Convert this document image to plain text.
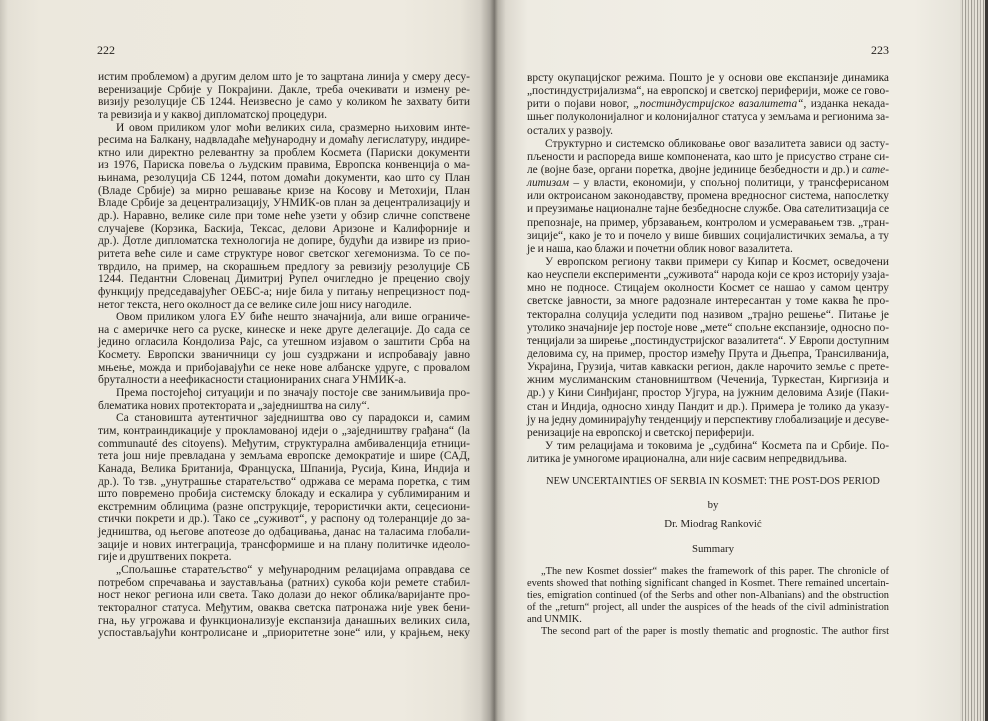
222	223
истим проблемом) а другим делом што је то зацртана линија у смеру десу-
веренизације Србије у Покрајини. Дакле, треба очекивати и измену ре-
визију резолуције СБ 1244. Неизвесно је само у коликом ће захвату бити
та ревизија и у каквој дипломатској процедури.
И овом приликом улог моћи великих сила, сразмерно њиховим инте-
ресима на Балкану, надвладаће међународну и домаћу легислатуру, индире-
ктно или директно релевантну за проблем Космета (Париски документи
из 1976, Париска повеља о људским правима, Европска конвенција о ма-
њинама, резолуција СБ 1244, потом домаћи документи, као што су План
(Владе Србије) за мирно решавање кризе на Косову и Метохији, План
Владе Србије за децентрализацију, УНМИК-ов план за децентрализацију и
др.). Наравно, велике силе при томе неће узети у обзир сличне сопствене
случајеве (Корзика, Баскија, Тексас, делови Аризоне и Калифорније и
др.). Дотле дипломатска технологија не допире, будући да извире из прио-
ритета веће силе и саме структуре новог светског хегемонизма. То се по-
тврдило, на пример, на скорашњем предлогу за ревизију резолуције СБ
1244. Педантни Словенац Димитриј Рупел очигледно је преценио своју
функцију председавајућег ОЕБС-а; није била у питању непрецизност под-
нетог текста, него околност да се велике силе још нису нагодиле.
Овом приликом улога ЕУ биће нешто значајнија, али више ограниче-
на с америчке него са руске, кинеске и неке друге делегације. До сада се
једино огласила Кондолиза Рајс, са утешном изјавом о заштити Срба на
Космету. Европски званичници су још суздржани и испробавају јавно
мњење, можда и прибојавајући се неке нове албанске удруге, с провалом
бруталности а неефикасности стационираних снага УНМИК-а.
Према постојећој ситуацији и по значају постоје све занимљивија про-
блематика нових протектората и „заједништва на силу“.
Са становишта аутентичног заједништва ово су парадокси и, самим
тим, контраиндикације у прокламованој идеји о „заједништву грађана“ (la
communauté des citoyens). Међутим, структурална амбиваленција етници-
тета још није превладана у земљама европске демократије и шире (САД,
Канада, Велика Британија, Француска, Шпанија, Русија, Кина, Индија и
др.). То тзв. „унутрашње старатељство“ одржава се мерама поретка, с тим
што повремено пробија системску блокаду и ескалира у сублимираним и
екстремним облицима (разне опструкције, терористички акти, сецесиони-
стички покрети и др.). Тако се „суживот“, у распону од толеранције до за-
једништва, од његове апотеозе до одбацивања, данас на таласима глобали-
зације и нових интеграција, трансформише и на плану политичке идеоло-
гије и друштвених покрета.
„Спољашње старатељство“ у међународним релацијама оправдава се
потребом спречавања и заустављања (ратних) сукоба који ремете стабил-
ност неког региона или света. Тако долази до неког облика/варијанте про-
текторалног статуса. Међутим, оваква светска патронажа није увек бени-
гна, њу угрожава и функционализује експанзија данашњих великих сила,
успостављајући контролисане и „приоритетне зоне“ или, у крајњем, неку
врсту окупацијског режима. Пошто је у основи ове експанзије динамика
„постиндустријализма“, на европској и светској периферији, може се гово-
рити о појави новог, „постиндустријског вазалитета“, изданка некада-
шњег полуколонијалног и колонијалног статуса у земљама и регионима за-
осталих у развоју.
Структурно и системско обликовање овог вазалитета зависи од засту-
пљености и распореда више компонената, као што је присуство стране си-
ле (војне базе, органи поретка, двојне јединице безбедности и др.) и сате-
литизам – у власти, економији, у спољној политици, у трансферисаном
или октроисаном законодавству, промена вредносног система, напослетку
и преузимање националне тајне безбедносне службе. Ова сателитизација се
препознаје, на пример, убрзавањем, контролом и усмеравањем тзв. „тран-
зиције“, како је то и почело у више бивших социјалистичких земаља, а ту
је и наша, као блажи и почетни облик новог вазалитета.
У европском региону такви примери су Кипар и Космет, осведочени
као неуспели експерименти „суживота“ народа који се кроз историју узаја-
мно не подносе. Стицајем околности Космет се нашао у самом центру
светске јавности, за многе радознале интересантан у томе каква ће про-
текторална солуција уследити под називом „трајно решење“. Питање је
утолико значајније јер постоје нове „мете“ спољне експанзије, односно по-
тенцијали за ширење „постиндустријског вазалитета“. У Европи доступним
деловима су, на пример, простор између Прута и Дњепра, Трансилванија,
Украјина, Грузија, читав кавкаски регион, дакле нарочито земље с прете-
жним муслиманским становништвом (Чеченија, Туркестан, Киргизија и
др.) у Кини Синђијанг, простор Ујгура, на јужним деловима Азије (Паки-
стан и Индија, односно хинду Пандит и др.). Примера је толико да указу-
ју на једну доминирајућу тенденцију и перспективу глобализације и десуве-
ренизације на европској и светској периферији.
У тим релацијама и токовима је „судбина“ Космета па и Србије. По-
литика је умногоме ирационална, али није сасвим непредвидљива.
NEW UNCERTAINTIES OF SERBIA IN KOSMET: THE POST-DOS PERIOD
by
Dr. Miodrag Ranković
Summary
„The new Kosmet dossier“ makes the framework of this paper. The chronicle of
events showed that nothing significant changed in Kosmet. There remained uncertain-
ties, emigration continued (of the Serbs and other non-Albanians) and the obstruction
of the „return“ project, all under the auspices of the heads of the civil administration
and UNMIK.
The second part of the paper is mostly thematic and prognostic. The author first
